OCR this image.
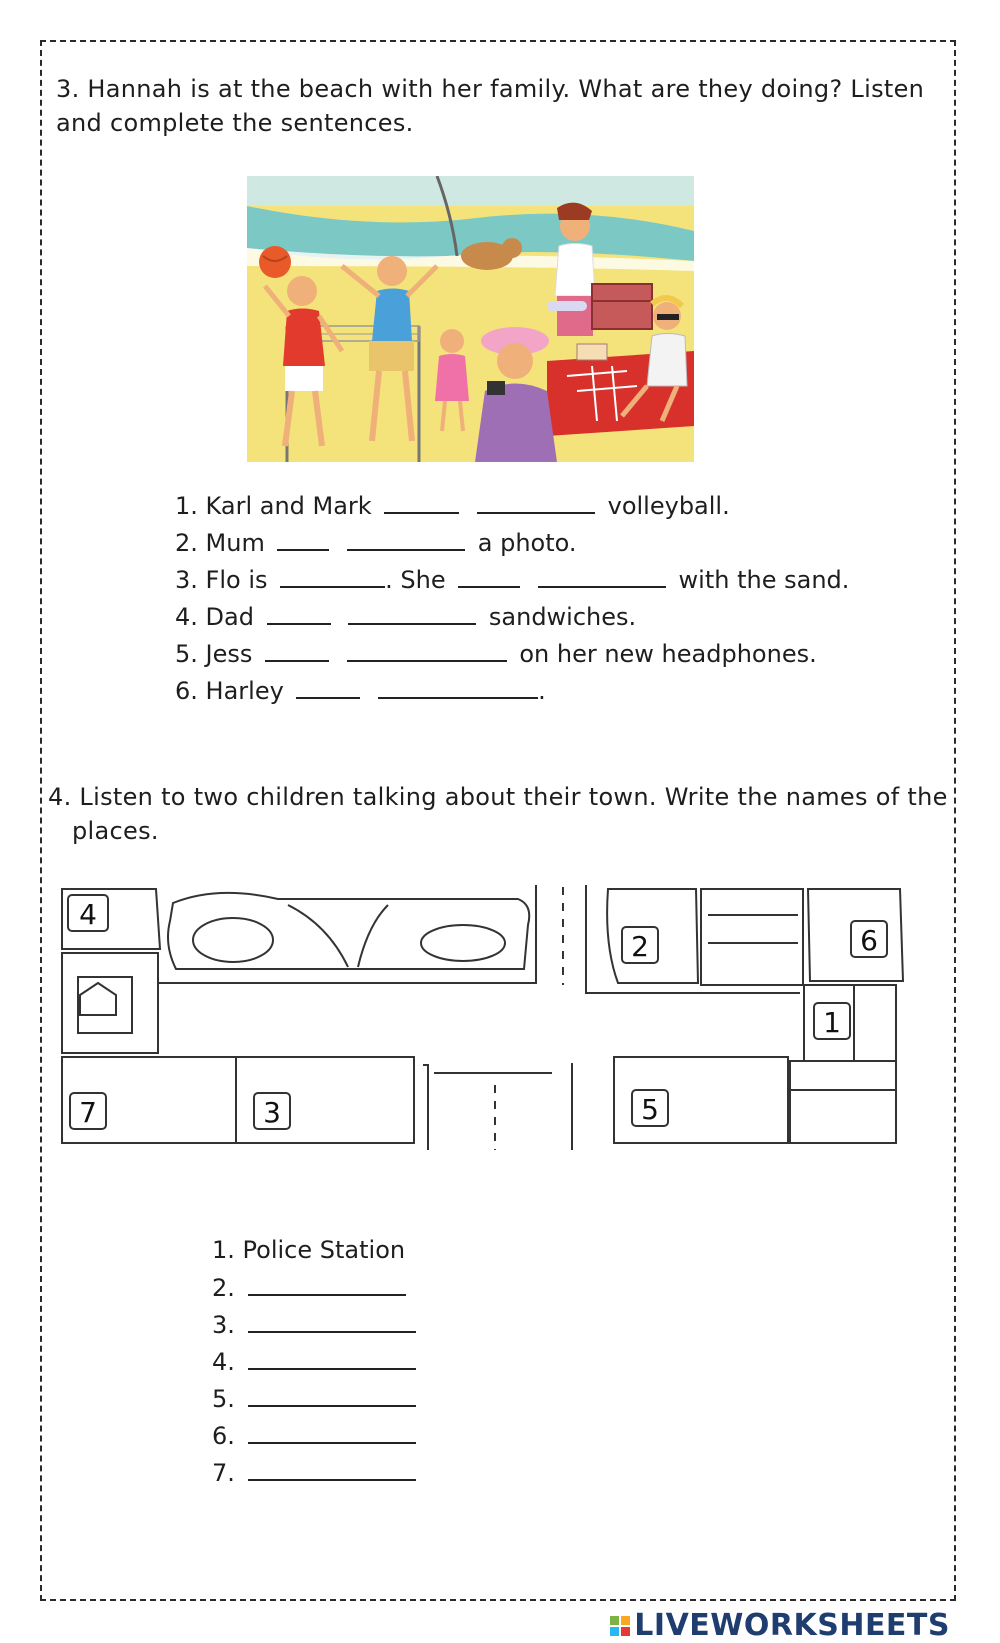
3. Hannah is at the beach with her family. What are they doing? Listen
and complete the sentences.

1. Karl and Mark	volleyball.
2. Mum	a photo.
3. Flo is	. She	with the sand.
4. Dad	sandwiches.
5. Jess	on her new headphones.
6. Harley	.

4. Listen to two children talking about their town. Write the names of the
places.

4
2
3
7	5
6
1
1. Police Station
2.
3.
4.
5.
6.
7.
LIVEWORKSHEETS
